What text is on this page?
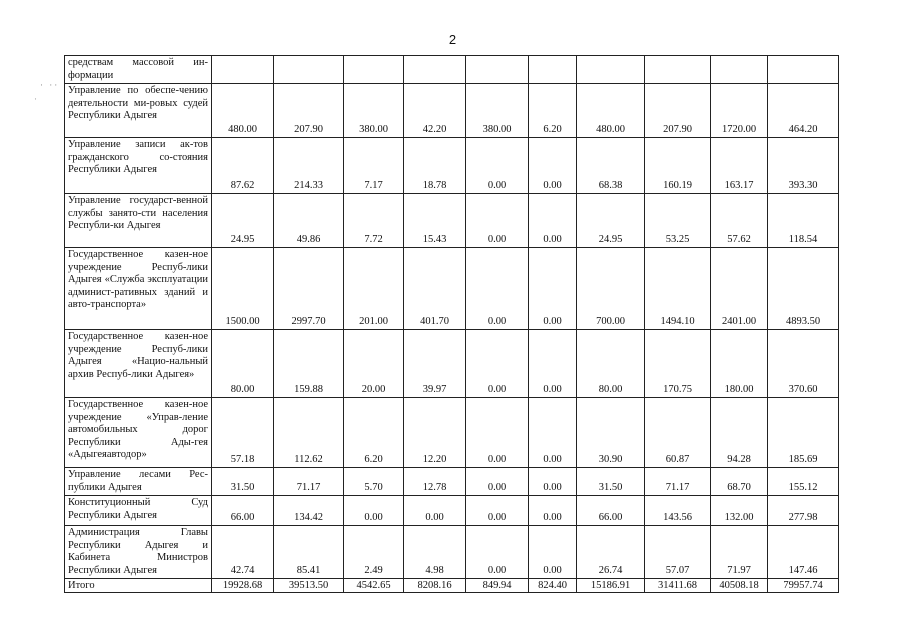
2
· ··
·
средствам массовой ин-формации										
Управление по обеспе-чению деятельности ми-ровых судей Республики Адыгея	480.00	207.90	380.00	42.20	380.00	6.20	480.00	207.90	1720.00	464.20
Управление записи ак-тов гражданского со-стояния Республики Адыгея	87.62	214.33	7.17	18.78	0.00	0.00	68.38	160.19	163.17	393.30
Управление государст-венной службы занято-сти населения Республи-ки Адыгея	24.95	49.86	7.72	15.43	0.00	0.00	24.95	53.25	57.62	118.54
Государственное казен-ное учреждение Респуб-лики Адыгея «Служба эксплуатации админист-ративных зданий и авто-транспорта»	1500.00	2997.70	201.00	401.70	0.00	0.00	700.00	1494.10	2401.00	4893.50
Государственное казен-ное учреждение Респуб-лики Адыгея «Нацио-нальный архив Респуб-лики Адыгея»	80.00	159.88	20.00	39.97	0.00	0.00	80.00	170.75	180.00	370.60
Государственное казен-ное учреждение «Управ-ление автомобильных дорог Республики Ады-гея «Адыгеяавтодор»	57.18	112.62	6.20	12.20	0.00	0.00	30.90	60.87	94.28	185.69
Управление лесами Рес-публики Адыгея	31.50	71.17	5.70	12.78	0.00	0.00	31.50	71.17	68.70	155.12
Конституционный Суд Республики Адыгея	66.00	134.42	0.00	0.00	0.00	0.00	66.00	143.56	132.00	277.98
Администрация Главы Республики Адыгея и Кабинета Министров Республики Адыгея	42.74	85.41	2.49	4.98	0.00	0.00	26.74	57.07	71.97	147.46
Итого	19928.68	39513.50	4542.65	8208.16	849.94	824.40	15186.91	31411.68	40508.18	79957.74
